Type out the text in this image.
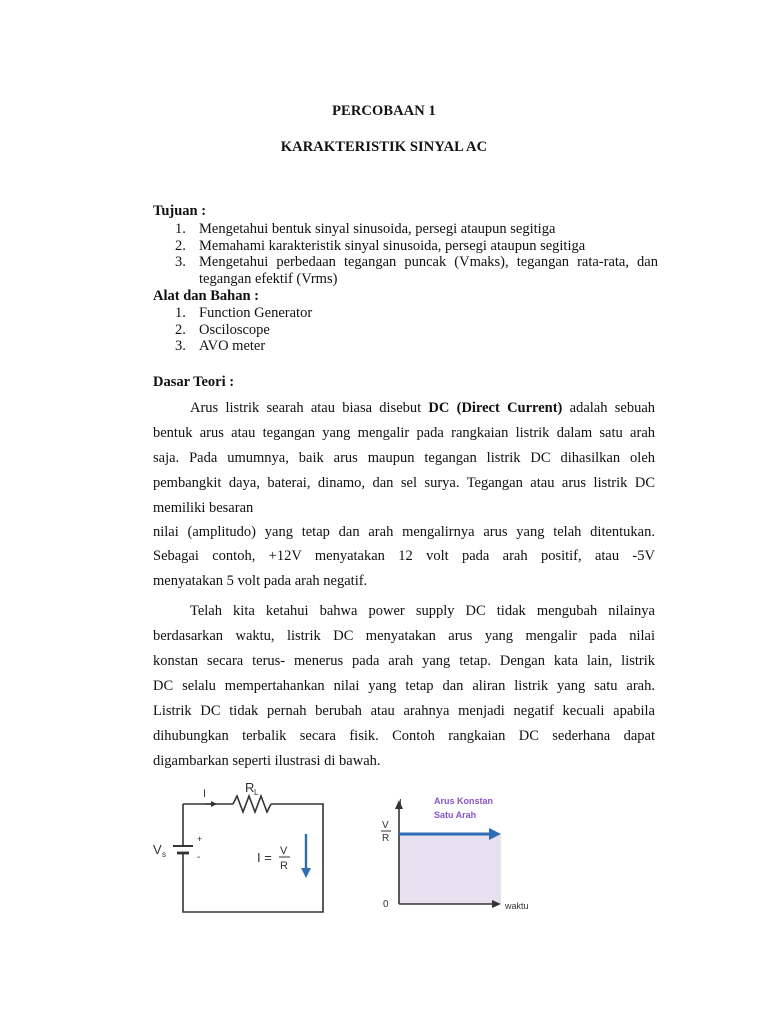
PERCOBAAN 1
KARAKTERISTIK SINYAL AC
Tujuan :
1. Mengetahui bentuk sinyal sinusoida, persegi ataupun segitiga
2. Memahami karakteristik sinyal sinusoida, persegi ataupun segitiga
3. Mengetahui perbedaan tegangan puncak (Vmaks), tegangan rata-rata, dan tegangan efektif (Vrms)
Alat dan Bahan :
1. Function Generator
2. Osciloscope
3. AVO meter
Dasar Teori :
Arus listrik searah atau biasa disebut DC (Direct Current) adalah sebuah
bentuk arus atau tegangan yang mengalir pada rangkaian listrik dalam satu arah
saja. Pada umumnya, baik arus maupun tegangan listrik DC dihasilkan oleh
pembangkit daya, baterai, dinamo, dan sel surya. Tegangan atau arus listrik DC
memiliki besaran
nilai (amplitudo) yang tetap dan arah mengalirnya arus yang telah ditentukan.
Sebagai contoh, +12V menyatakan 12 volt pada arah positif, atau -5V
menyatakan 5 volt pada arah negatif.
Telah kita ketahui bahwa power supply DC tidak mengubah nilainya
berdasarkan waktu, listrik DC menyatakan arus yang mengalir pada nilai
konstan secara terus- menerus pada arah yang tetap. Dengan kata lain, listrik
DC selalu mempertahankan nilai yang tetap dan aliran listrik yang satu arah.
Listrik DC tidak pernah berubah atau arahnya menjadi negatif kecuali apabila
dihubungkan terbalik secara fisik. Contoh rangkaian DC sederhana dapat
digambarkan seperti ilustrasi di bawah.
I	R L
V s
+
-	I = V
R
I
V
R
0	waktu
Arus Konstan
Satu Arah
